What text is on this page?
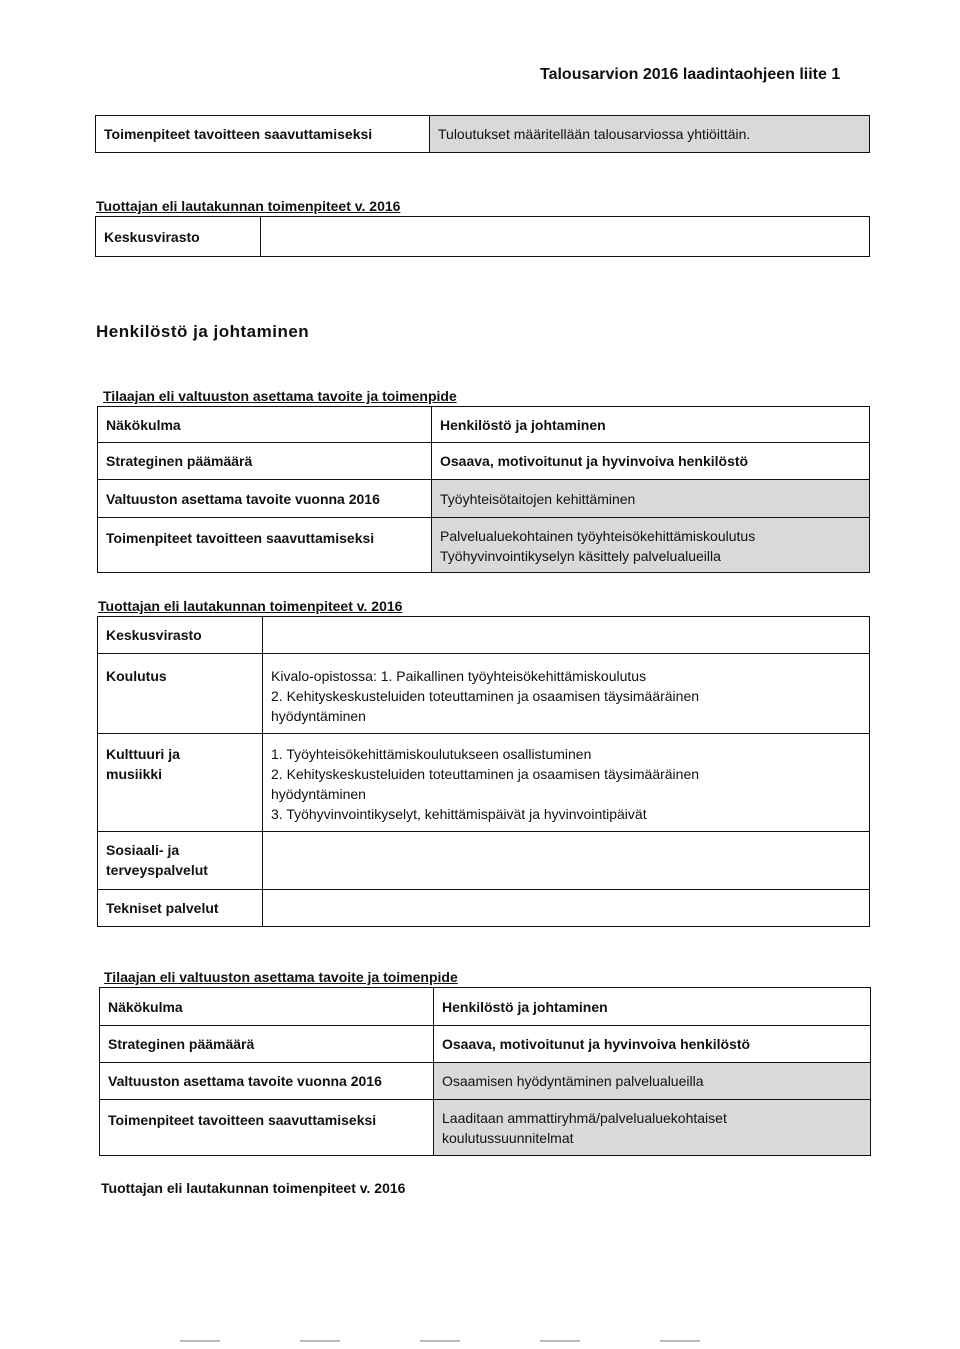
Talousarvion 2016 laadintaohjeen liite 1
Toimenpiteet tavoitteen saavuttamiseksi	Tuloutukset määritellään talousarviossa yhtiöittäin.
Tuottajan eli lautakunnan toimenpiteet v. 2016
Keskusvirasto	
Henkilöstö ja johtaminen
Tilaajan eli valtuuston asettama tavoite ja toimenpide
Näkökulma	Henkilöstö ja johtaminen

Strateginen päämäärä	Osaava, motivoitunut ja hyvinvoiva henkilöstö

Valtuuston asettama tavoite vuonna 2016	Työyhteisötaitojen kehittäminen

Toimenpiteet tavoitteen saavuttamiseksi	Palvelualuekohtainen työyhteisökehittämiskoulutus
Työhyvinvointikyselyn käsittely palvelualueilla
Tuottajan eli lautakunnan toimenpiteet v. 2016
Keskusvirasto	

Koulutus	Kivalo-opistossa: 1. Paikallinen työyhteisökehittämiskoulutus
2. Kehityskeskusteluiden toteuttaminen ja osaamisen täysimääräinen
hyödyntäminen

Kulttuuri ja
musiikki	1. Työyhteisökehittämiskoulutukseen osallistuminen
2. Kehityskeskusteluiden toteuttaminen ja osaamisen täysimääräinen
hyödyntäminen
3. Työhyvinvointikyselyt, kehittämispäivät ja hyvinvointipäivät

Sosiaali- ja
terveyspalvelut	

Tekniset palvelut	

Tilaajan eli valtuuston asettama tavoite ja toimenpide
Näkökulma	Henkilöstö ja johtaminen

Strateginen päämäärä	Osaava, motivoitunut ja hyvinvoiva henkilöstö

Valtuuston asettama tavoite vuonna 2016	Osaamisen hyödyntäminen palvelualueilla

Toimenpiteet tavoitteen saavuttamiseksi	Laaditaan ammattiryhmä/palvelualuekohtaiset
koulutussuunnitelmat
Tuottajan eli lautakunnan toimenpiteet v. 2016
